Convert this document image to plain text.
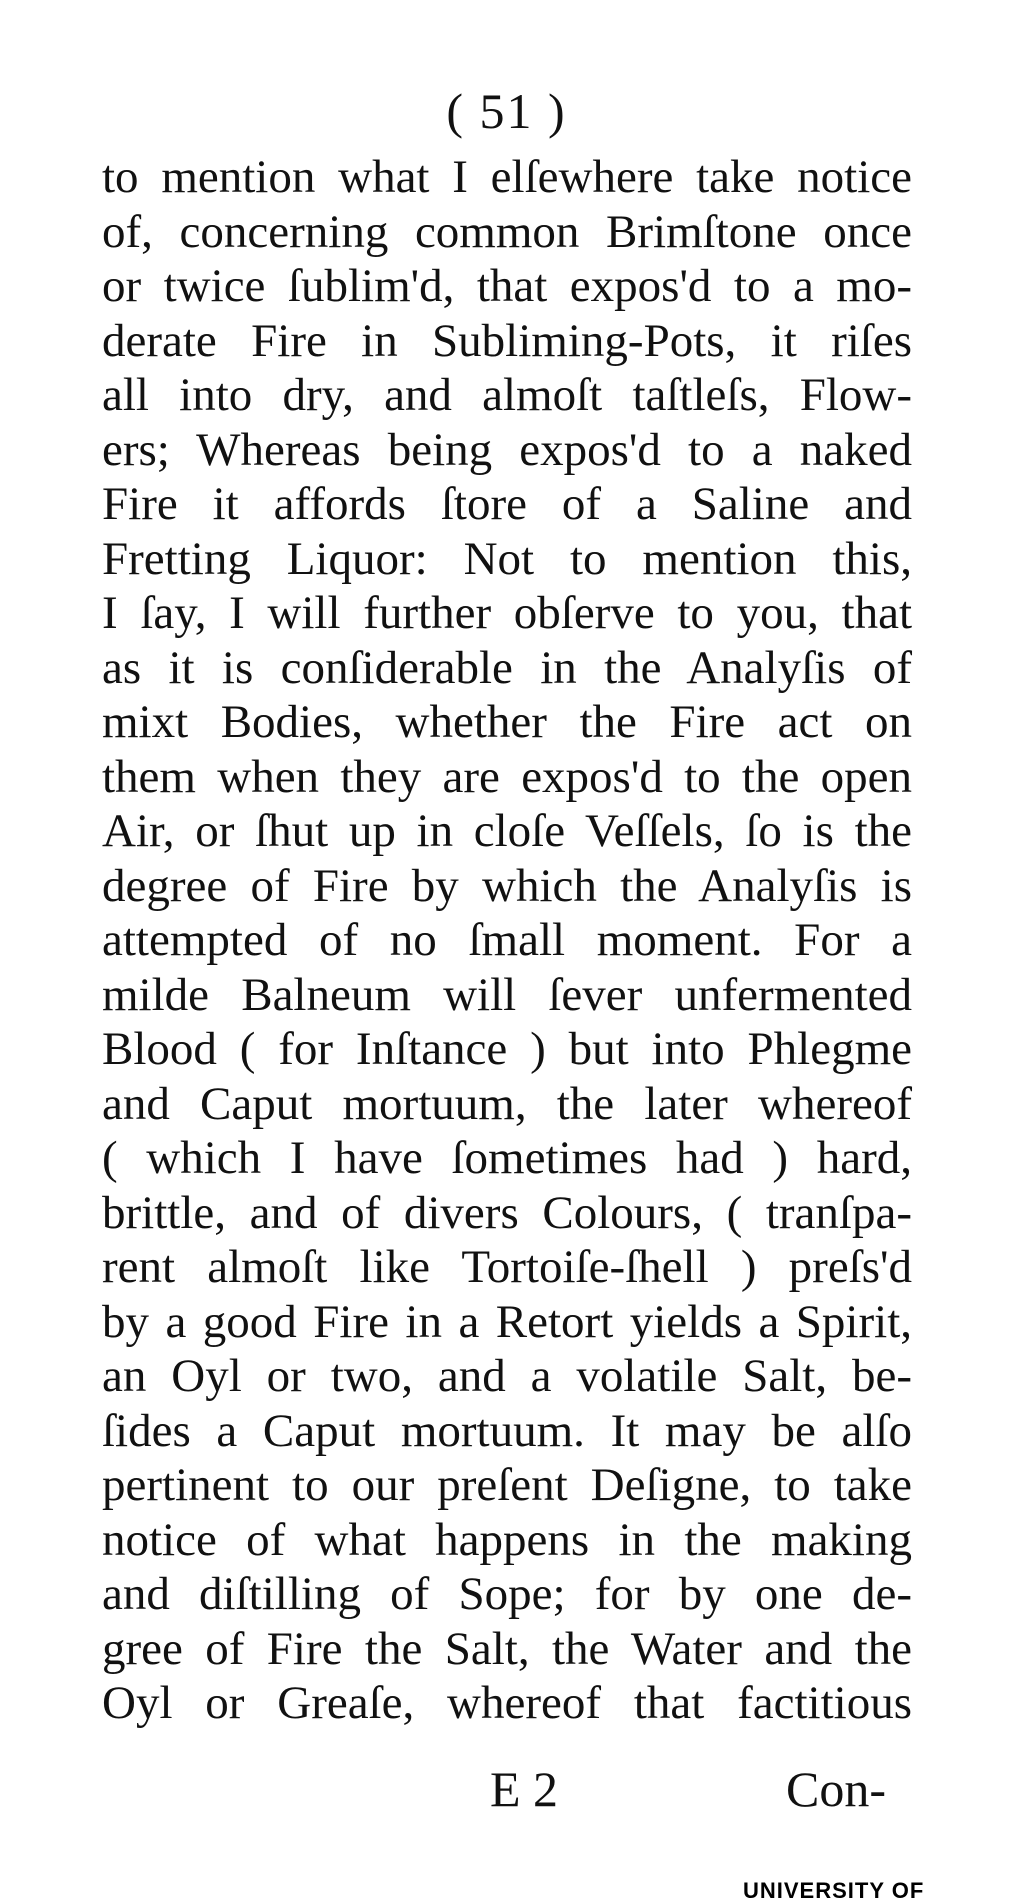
( 51 )
to mention what I elſewhere take notice
of, concerning common Brimſtone once
or twice ſublim'd, that expos'd to a mo-
derate Fire in Subliming-Pots, it riſes
all into dry, and almoſt taſtleſs, Flow-
ers; Whereas being expos'd to a naked
Fire it affords ſtore of a Saline and
Fretting Liquor: Not to mention this,
I ſay, I will further obſerve to you, that
as it is conſiderable in the Analyſis of
mixt Bodies, whether the Fire act on
them when they are expos'd to the open
Air, or ſhut up in cloſe Veſſels, ſo is the
degree of Fire by which the Analyſis is
attempted of no ſmall moment. For a
milde Balneum will ſever unfermented
Blood ( for Inſtance ) but into Phlegme
and Caput mortuum, the later whereof
( which I have ſometimes had ) hard,
brittle, and of divers Colours, ( tranſpa-
rent almoſt like Tortoiſe-ſhell ) preſs'd
by a good Fire in a Retort yields a Spirit,
an Oyl or two, and a volatile Salt, be-
ſides a Caput mortuum. It may be alſo
pertinent to our preſent Deſigne, to take
notice of what happens in the making
and diſtilling of Sope; for by one de-
gree of Fire the Salt, the Water and the
Oyl or Greaſe, whereof that factitious
E 2	Con-
UNIVERSITY OF
